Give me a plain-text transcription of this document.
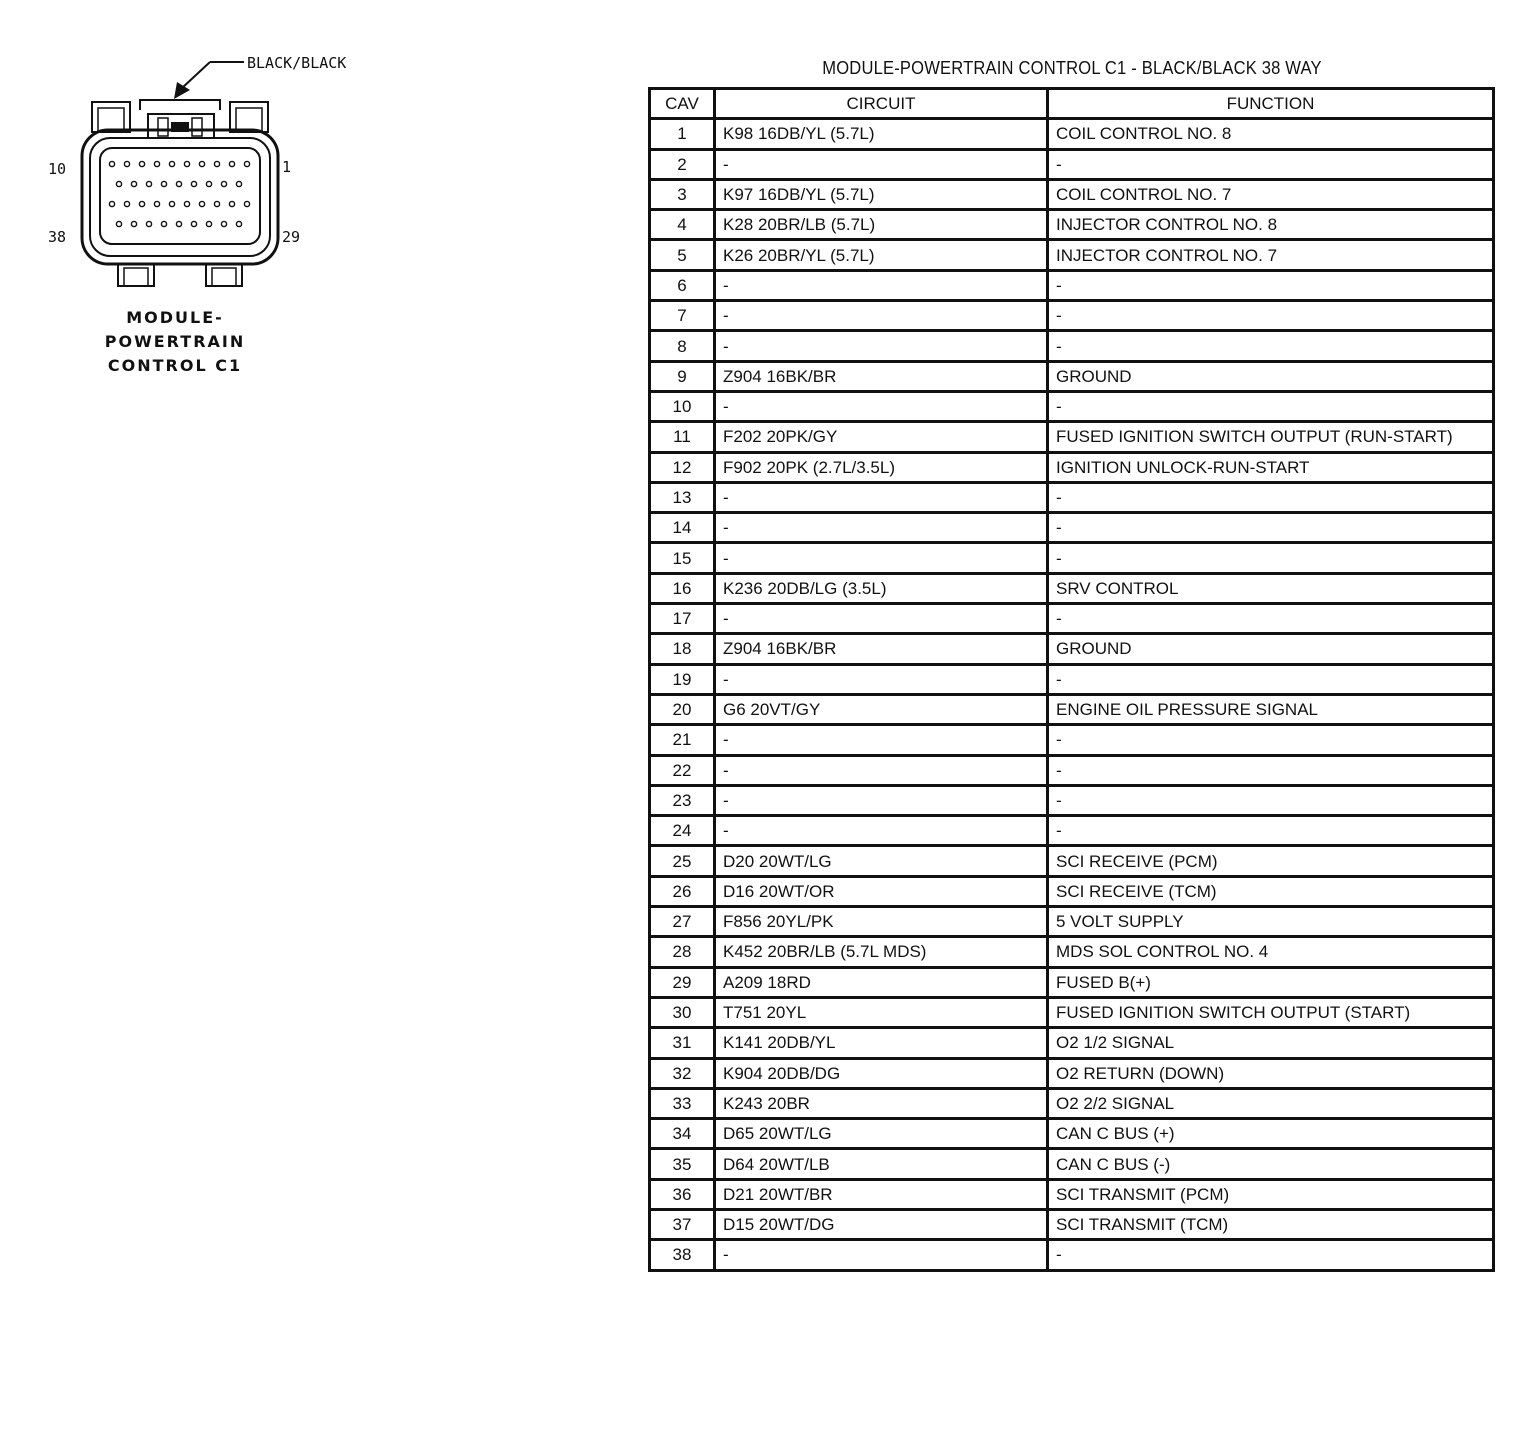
BLACK/BLACK
10	1
38	29
MODULE-
POWERTRAIN
CONTROL C1
MODULE-POWERTRAIN CONTROL C1 - BLACK/BLACK 38 WAY
CAV	CIRCUIT	FUNCTION
1	K98 16DB/YL (5.7L)	COIL CONTROL NO. 8
2	-	-
3	K97 16DB/YL (5.7L)	COIL CONTROL NO. 7
4	K28 20BR/LB (5.7L)	INJECTOR CONTROL NO. 8
5	K26 20BR/YL (5.7L)	INJECTOR CONTROL NO. 7
6	-	-
7	-	-
8	-	-
9	Z904 16BK/BR	GROUND
10	-	-
11	F202 20PK/GY	FUSED IGNITION SWITCH OUTPUT (RUN-START)
12	F902 20PK (2.7L/3.5L)	IGNITION UNLOCK-RUN-START
13	-	-
14	-	-
15	-	-
16	K236 20DB/LG (3.5L)	SRV CONTROL
17	-	-
18	Z904 16BK/BR	GROUND
19	-	-
20	G6 20VT/GY	ENGINE OIL PRESSURE SIGNAL
21	-	-
22	-	-
23	-	-
24	-	-
25	D20 20WT/LG	SCI RECEIVE (PCM)
26	D16 20WT/OR	SCI RECEIVE (TCM)
27	F856 20YL/PK	5 VOLT SUPPLY
28	K452 20BR/LB (5.7L MDS)	MDS SOL CONTROL NO. 4
29	A209 18RD	FUSED B(+)
30	T751 20YL	FUSED IGNITION SWITCH OUTPUT (START)
31	K141 20DB/YL	O2 1/2 SIGNAL
32	K904 20DB/DG	O2 RETURN (DOWN)
33	K243 20BR	O2 2/2 SIGNAL
34	D65 20WT/LG	CAN C BUS (+)
35	D64 20WT/LB	CAN C BUS (-)
36	D21 20WT/BR	SCI TRANSMIT (PCM)
37	D15 20WT/DG	SCI TRANSMIT (TCM)
38	-	-
